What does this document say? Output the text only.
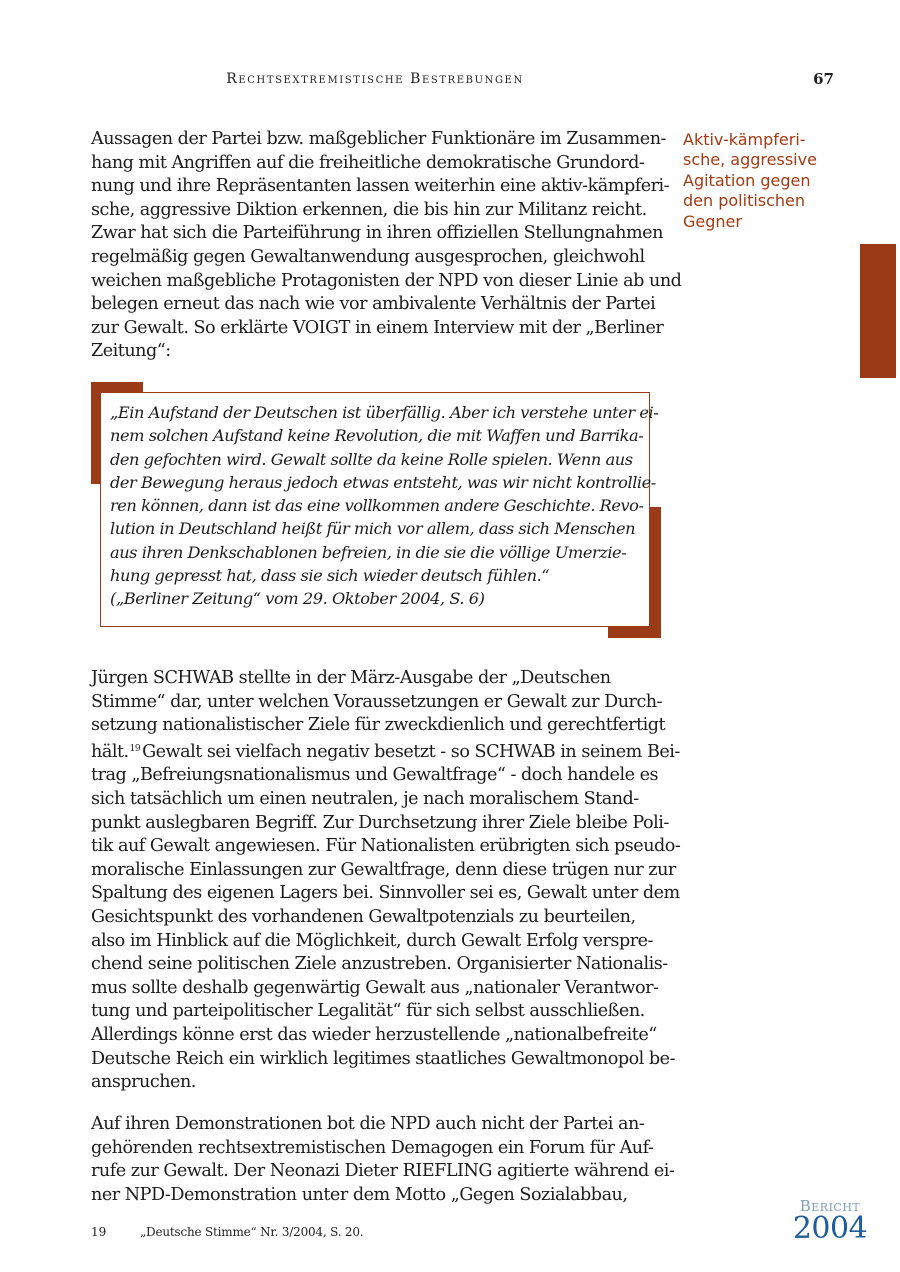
Rechtsextremistische Bestrebungen	67
Aktiv-kämpferi-
sche, aggressive
Agitation gegen
den politischen
Gegner
Aussagen der Partei bzw. maßgeblicher Funktionäre im Zusammen-
hang mit Angriffen auf die freiheitliche demokratische Grundord-
nung und ihre Repräsentanten lassen weiterhin eine aktiv-kämpferi-
sche, aggressive Diktion erkennen, die bis hin zur Militanz reicht.
Zwar hat sich die Parteiführung in ihren offiziellen Stellungnahmen
regelmäßig gegen Gewaltanwendung ausgesprochen, gleichwohl
weichen maßgebliche Protagonisten der NPD von dieser Linie ab und
belegen erneut das nach wie vor ambivalente Verhältnis der Partei
zur Gewalt. So erklärte VOIGT in einem Interview mit der „Berliner
Zeitung“:
„Ein Aufstand der Deutschen ist überfällig. Aber ich verstehe unter ei-
nem solchen Aufstand keine Revolution, die mit Waffen und Barrika-
den gefochten wird. Gewalt sollte da keine Rolle spielen. Wenn aus
der Bewegung heraus jedoch etwas entsteht, was wir nicht kontrollie-
ren können, dann ist das eine vollkommen andere Geschichte. Revo-
lution in Deutschland heißt für mich vor allem, dass sich Menschen
aus ihren Denkschablonen befreien, in die sie die völlige Umerzie-
hung gepresst hat, dass sie sich wieder deutsch fühlen.“
(„Berliner Zeitung“ vom 29. Oktober 2004, S. 6)
Jürgen SCHWAB stellte in der März-Ausgabe der „Deutschen
Stimme“ dar, unter welchen Voraussetzungen er Gewalt zur Durch-
setzung nationalistischer Ziele für zweckdienlich und gerechtfertigt
hält.$^{19}$ Gewalt sei vielfach negativ besetzt - so SCHWAB in seinem Bei-
trag „Befreiungsnationalismus und Gewaltfrage“ - doch handele es
sich tatsächlich um einen neutralen, je nach moralischem Stand-
punkt auslegbaren Begriff. Zur Durchsetzung ihrer Ziele bleibe Poli-
tik auf Gewalt angewiesen. Für Nationalisten erübrigten sich pseudo-
moralische Einlassungen zur Gewaltfrage, denn diese trügen nur zur
Spaltung des eigenen Lagers bei. Sinnvoller sei es, Gewalt unter dem
Gesichtspunkt des vorhandenen Gewaltpotenzials zu beurteilen,
also im Hinblick auf die Möglichkeit, durch Gewalt Erfolg verspre-
chend seine politischen Ziele anzustreben. Organisierter Nationalis-
mus sollte deshalb gegenwärtig Gewalt aus „nationaler Verantwor-
tung und parteipolitischer Legalität“ für sich selbst ausschließen.
Allerdings könne erst das wieder herzustellende „nationalbefreite“
Deutsche Reich ein wirklich legitimes staatliches Gewaltmonopol be-
anspruchen.
Auf ihren Demonstrationen bot die NPD auch nicht der Partei an-
gehörenden rechtsextremistischen Demagogen ein Forum für Auf-
rufe zur Gewalt. Der Neonazi Dieter RIEFLING agitierte während ei-
ner NPD-Demonstration unter dem Motto „Gegen Sozialabbau,
19	„Deutsche Stimme“ Nr. 3/2004, S. 20.
Bericht
2004
